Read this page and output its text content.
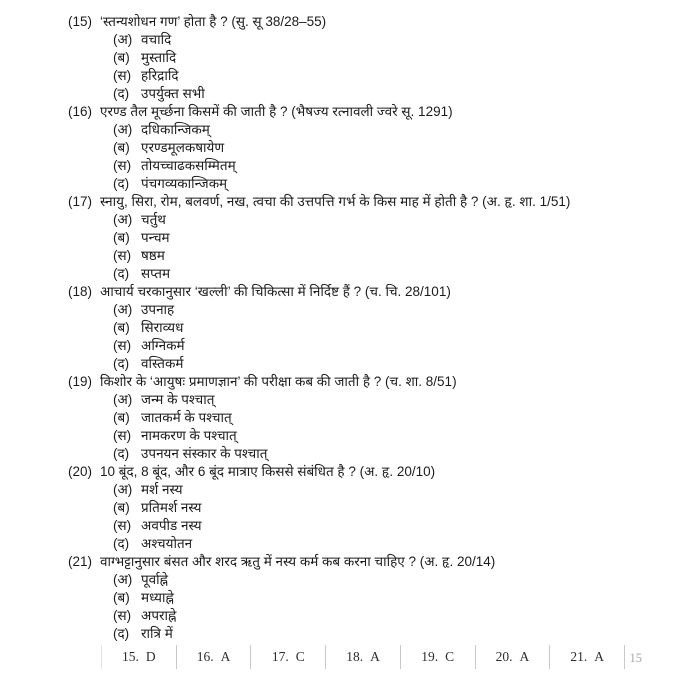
(15) ‘स्तन्यशोधन गण’ होता है ? (सु. सू 38/28–55)
(अ) वचादि
(ब) मुस्तादि
(स) हरिद्रादि
(द) उपर्युक्त सभी
(16) एरण्ड तैल मूर्च्छना किसमें की जाती है ? (भैषज्य रत्नावली ज्वरे सू. 1291)
(अ) दधिकान्जिकम्
(ब) एरण्डमूलकषायेण
(स) तोयच्चाढकसम्मितम्
(द) पंचगव्यकान्जिकम्
(17) स्नायु, सिरा, रोम, बलवर्ण, नख, त्वचा की उत्तपत्ति गर्भ के किस माह में होती है ? (अ. हृ. शा. 1/51)
(अ) चर्तुथ
(ब) पन्चम
(स) षष्ठम
(द) सप्तम
(18) आचार्य चरकानुसार ‘खल्ली’ की चिकित्सा में निर्दिष्ट हैं ? (च. चि. 28/101)
(अ) उपनाह
(ब) सिराव्यध
(स) अग्निकर्म
(द) वस्तिकर्म
(19) किशोर के ‘आयुषः प्रमाणज्ञान’ की परीक्षा कब की जाती है ? (च. शा. 8/51)
(अ) जन्म के पश्चात्
(ब) जातकर्म के पश्चात्
(स) नामकरण के पश्चात्
(द) उपनयन संस्कार के पश्चात्
(20) 10 बूंद, 8 बूंद, और 6 बूंद मात्राए किससे संबंधित है ? (अ. हृ. 20/10)
(अ) मर्श नस्य
(ब) प्रतिमर्श नस्य
(स) अवपीड नस्य
(द) अश्चयोतन
(21) वाग्भट्टानुसार बंसत और शरद ऋतु में नस्य कर्म कब करना चाहिए ? (अ. हृ. 20/14)
(अ) पूर्वाह्ने
(ब) मध्याह्ने
(स) अपराह्ने
(द) रात्रि में
15. D	16. A	17. C	18. A	19. C	20. A	21. A 15
